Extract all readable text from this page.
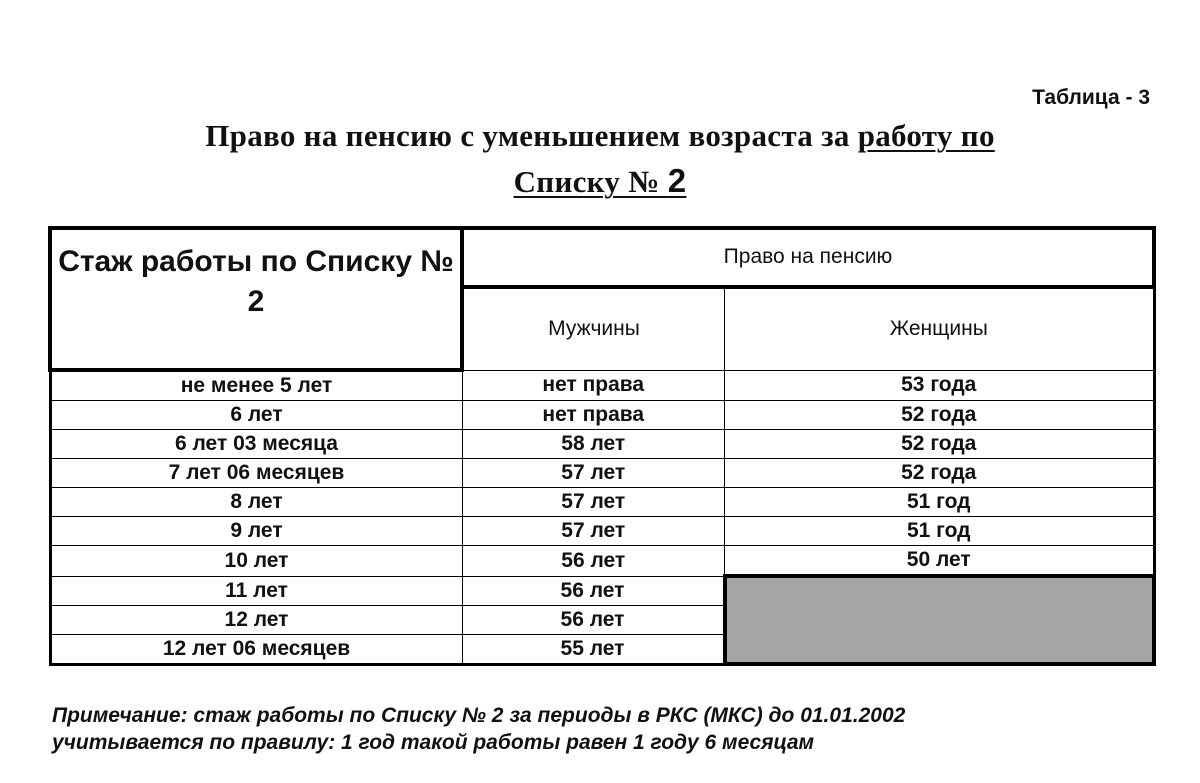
Таблица - 3
Право на пенсию с уменьшением возраста за работу по
Списку № 2
Стаж работы по Списку № 2	Право на пенсию	
	Мужчины	Женщины
не менее 5 лет	нет права	53 года
6 лет	нет права	52 года
6 лет 03 месяца	58 лет	52 года
7 лет 06 месяцев	57 лет	52 года
8 лет	57 лет	51 год
9 лет	57 лет	51 год
10 лет	56 лет	50 лет
11 лет	56 лет	
12 лет	56 лет	
12 лет 06 месяцев	55 лет	
Примечание: стаж работы по Списку № 2 за периоды в РКС (МКС) до 01.01.2002
учитывается по правилу: 1 год такой работы равен 1 году 6 месяцам
